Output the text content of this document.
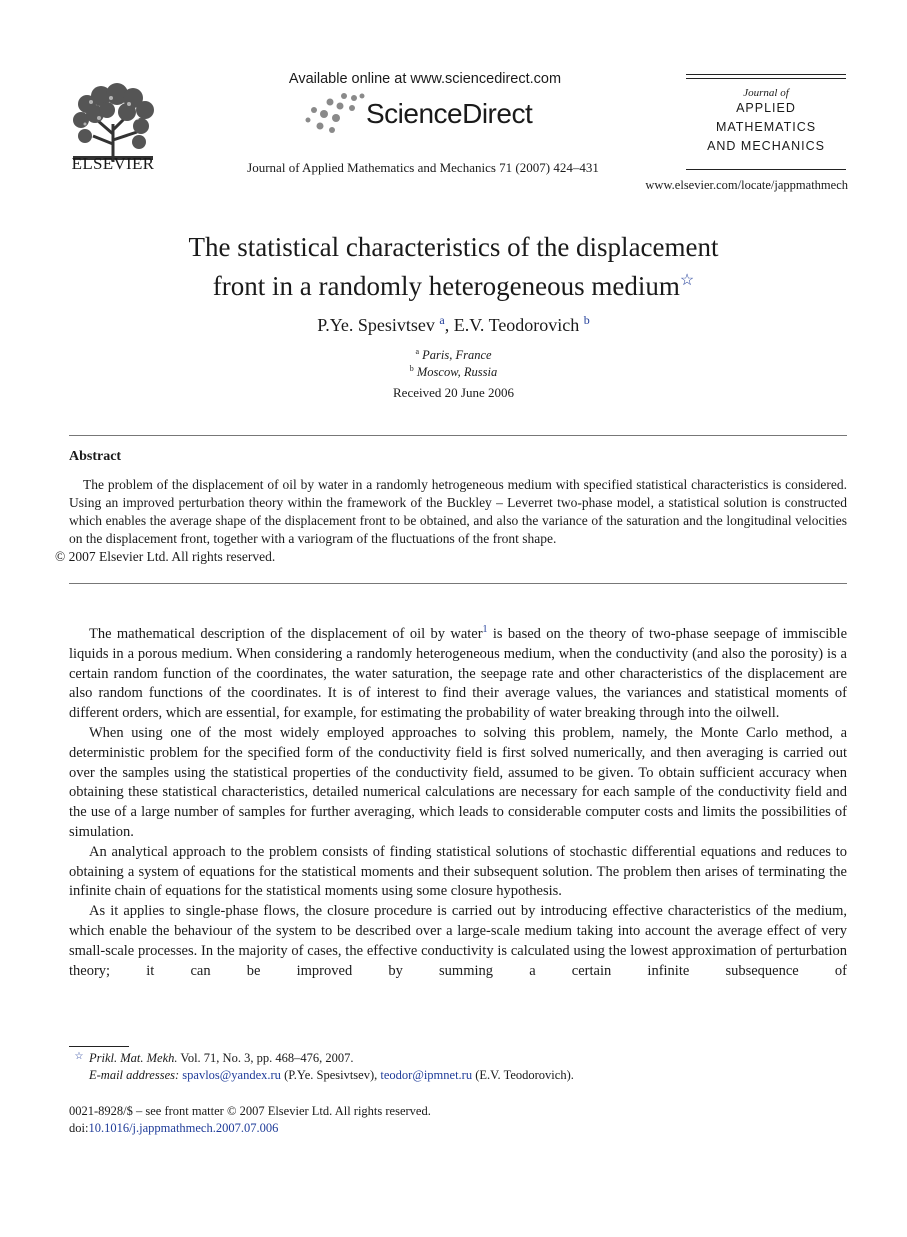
ELSEVIER
Available online at www.sciencedirect.com
ScienceDirect
Journal of Applied Mathematics and Mechanics 71 (2007) 424–431
Journal of
APPLIED
MATHEMATICS
AND MECHANICS
www.elsevier.com/locate/jappmathmech
The statistical characteristics of the displacement
front in a randomly heterogeneous medium☆
P.Ye. Spesivtsev $^a$, E.V. Teodorovich $^b$
$^a$ Paris, France
$^b$ Moscow, Russia
Received 20 June 2006
Abstract

The problem of the displacement of oil by water in a randomly hetrogeneous medium with specified statistical characteristics is considered. Using an improved perturbation theory within the framework of the Buckley – Leverret two-phase model, a statistical solution is constructed which enables the average shape of the displacement front to be obtained, and also the variance of the saturation and the longitudinal velocities on the displacement front, together with a variogram of the fluctuations of the front shape.
© 2007 Elsevier Ltd. All rights reserved.

The mathematical description of the displacement of oil by water$^1$ is based on the theory of two-phase seepage of immiscible liquids in a porous medium. When considering a randomly heterogeneous medium, when the conductivity (and also the porosity) is a certain random function of the coordinates, the water saturation, the seepage rate and other characteristics of the displacement are also random functions of the coordinates. It is of interest to find their average values, the variances and statistical moments of different orders, which are essential, for example, for estimating the probability of water breaking through into the oilwell.

When using one of the most widely employed approaches to solving this problem, namely, the Monte Carlo method, a deterministic problem for the specified form of the conductivity field is first solved numerically, and then averaging is carried out over the samples using the statistical properties of the conductivity field, assumed to be given. To obtain sufficient accuracy when obtaining these statistical characteristics, detailed numerical calculations are necessary for each sample of the conductivity field and the use of a large number of samples for further averaging, which leads to considerable computer costs and limits the possibilities of simulation.

An analytical approach to the problem consists of finding statistical solutions of stochastic differential equations and reduces to obtaining a system of equations for the statistical moments and their subsequent solution. The problem then arises of terminating the infinite chain of equations for the statistical moments using some closure hypothesis.

As it applies to single-phase flows, the closure procedure is carried out by introducing effective characteristics of the medium, which enable the behaviour of the system to be described over a large-scale medium taking into account the average effect of very small-scale processes. In the majority of cases, the effective conductivity is calculated using the lowest approximation of perturbation theory; it can be improved by summing a certain infinite subsequence of

☆ Prikl. Mat. Mekh. Vol. 71, No. 3, pp. 468–476, 2007.
E-mail addresses: spavlos@yandex.ru (P.Ye. Spesivtsev), teodor@ipmnet.ru (E.V. Teodorovich).
0021-8928/$ – see front matter © 2007 Elsevier Ltd. All rights reserved.
doi:10.1016/j.jappmathmech.2007.07.006
